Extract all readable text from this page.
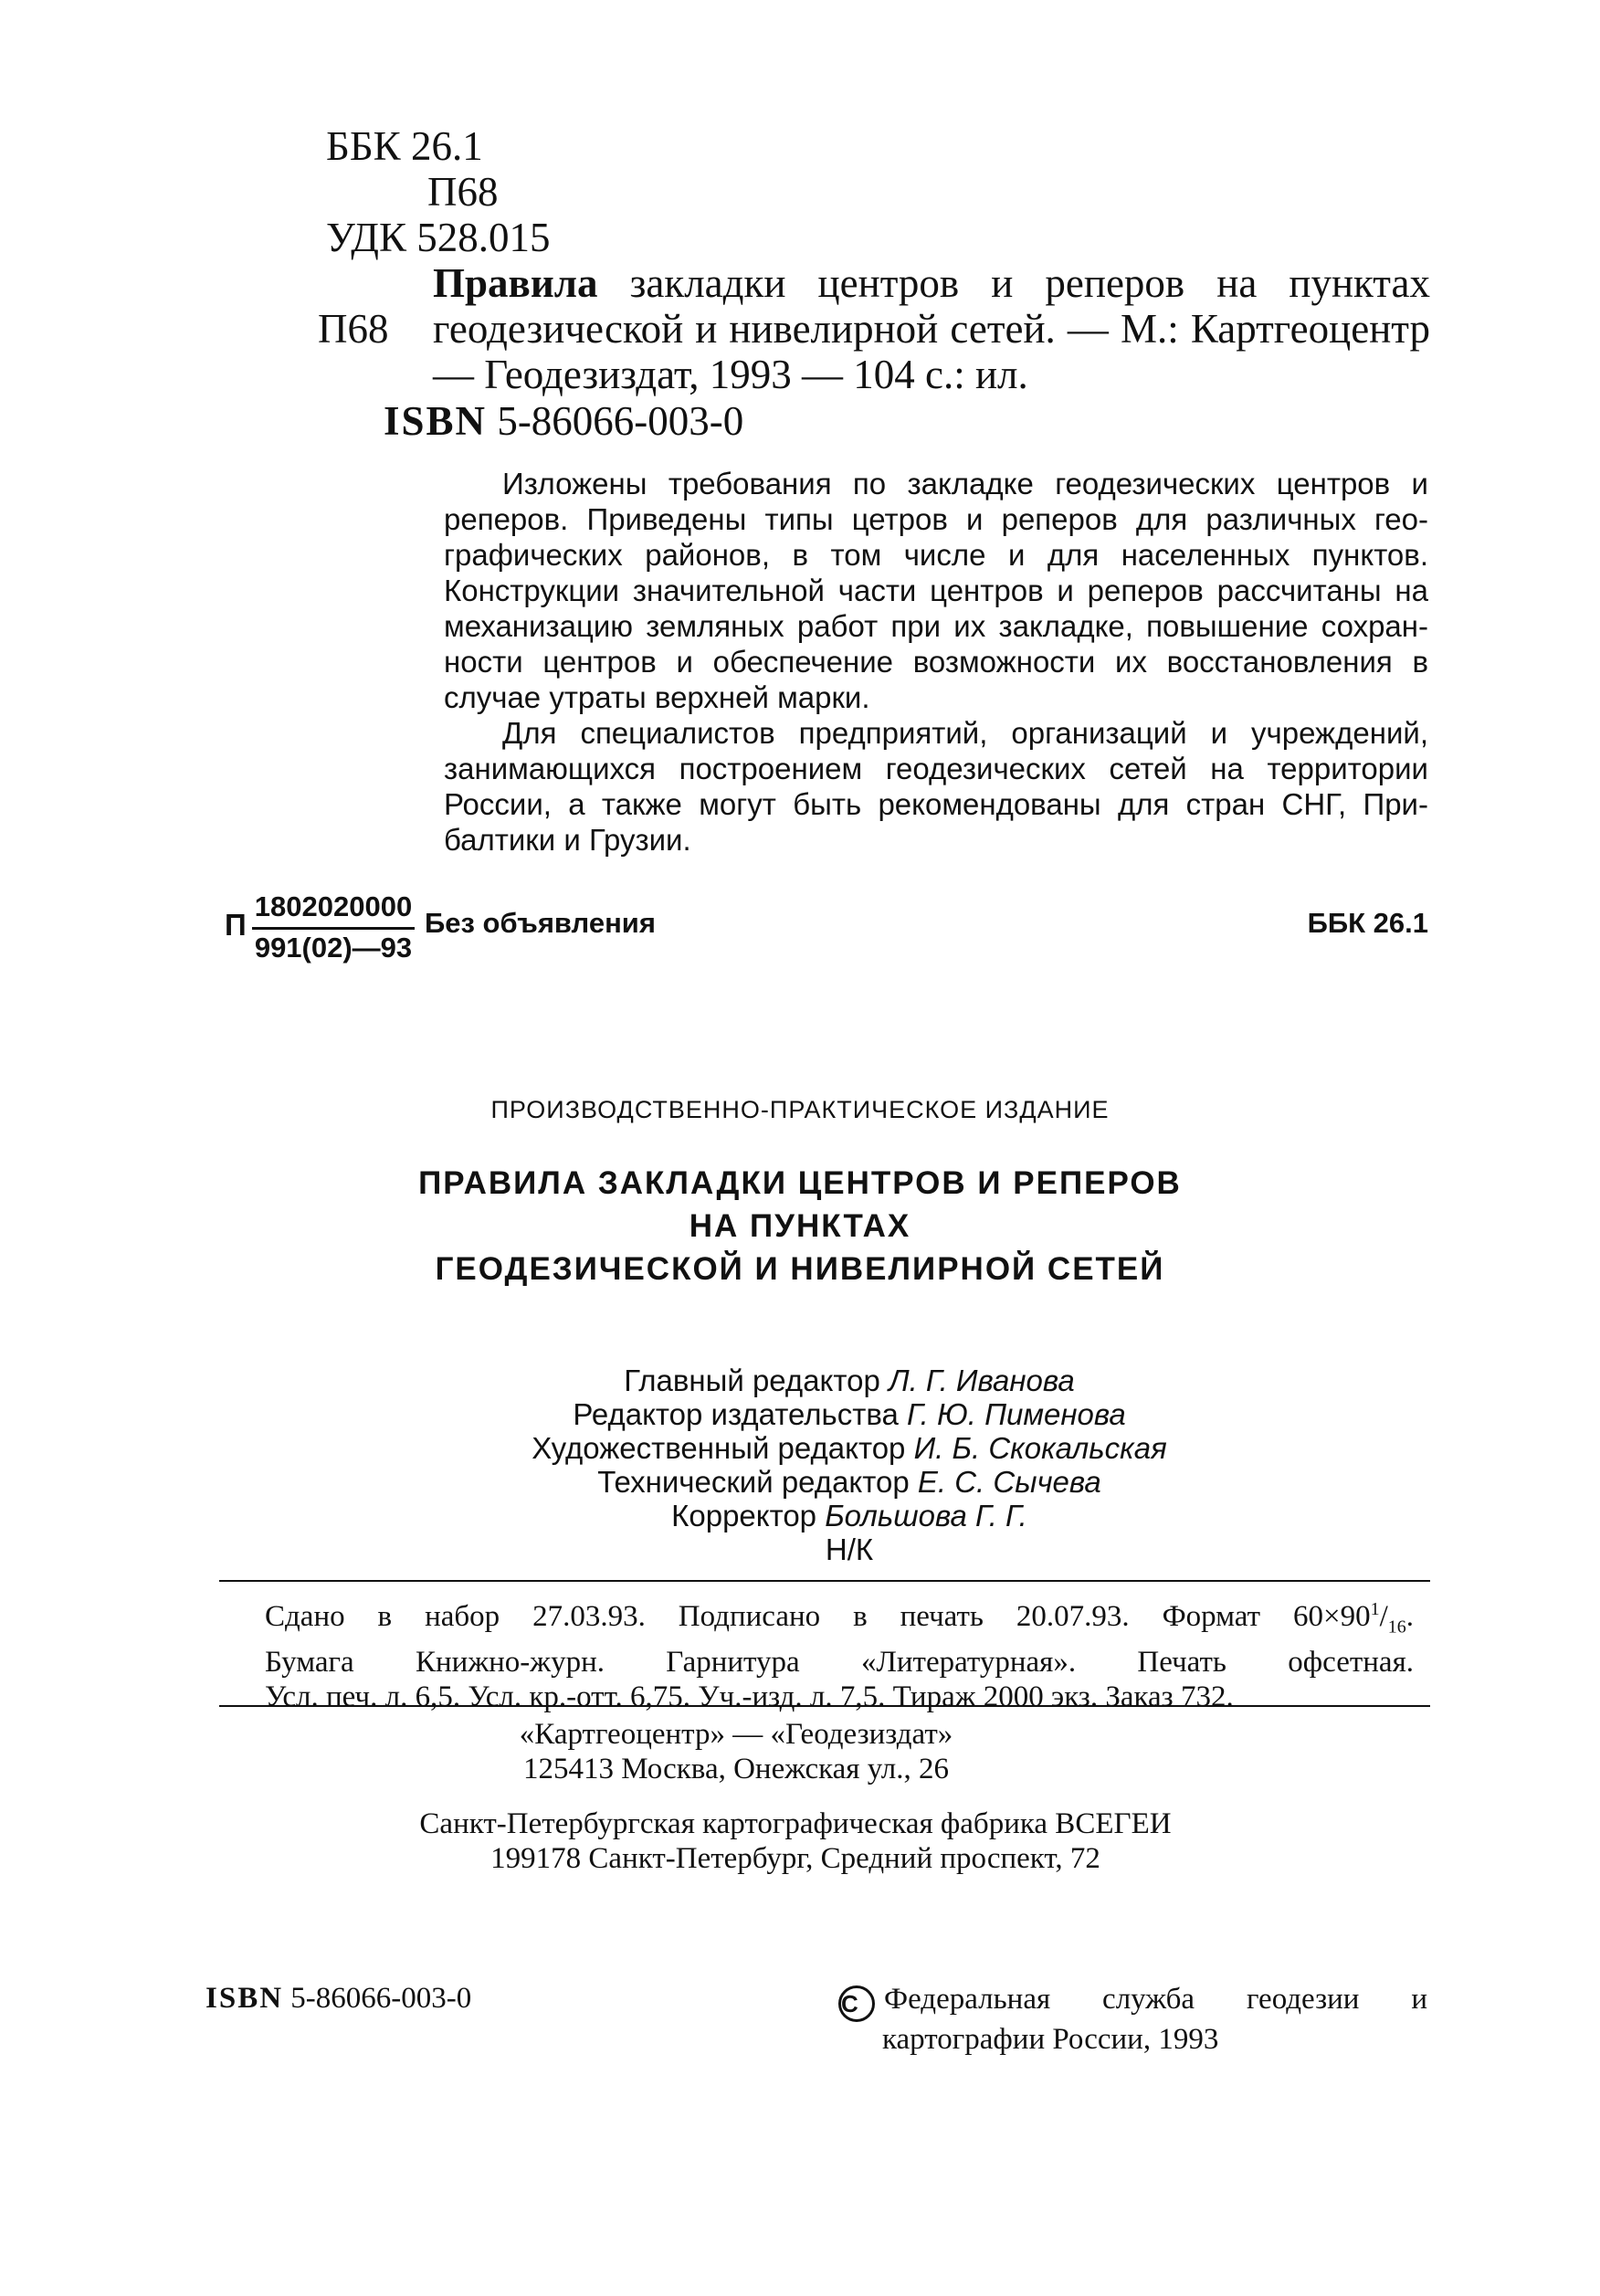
ББК 26.1
П68
УДК 528.015
П68
Правила закладки центров и реперов на пунктах геодезической и нивелирной сетей. — М.: Картгеоцентр — Геодезиздат, 1993 — 104 с.: ил.
ISBN 5-86066-003-0

Изложены требования по закладке геодезических центров и реперов. Приведены типы цетров и реперов для различных географических районов, в том числе и для населенных пунктов. Конструкции значительной части центров и реперов рассчитаны на механизацию земляных работ при их закладке, повышение сохранности центров и обеспечение возможности их восстановления в случае утраты верхней марки.

Для специалистов предприятий, организаций и учреждений, занимающихся построением геодезических сетей на территории России, а также могут быть рекомендованы для стран СНГ, Прибалтики и Грузии.

П $\frac{1802020000}{991(02)—93}$ Без объявления	ББК 26.1
ПРОИЗВОДСТВЕННО-ПРАКТИЧЕСКОЕ ИЗДАНИЕ
ПРАВИЛА ЗАКЛАДКИ ЦЕНТРОВ И РЕПЕРОВ
НА ПУНКТАХ
ГЕОДЕЗИЧЕСКОЙ И НИВЕЛИРНОЙ СЕТЕЙ
Главный редактор Л. Г. Иванова
Редактор издательства Г. Ю. Пименова
Художественный редактор И. Б. Скокальская
Технический редактор Е. С. Сычева
Корректор Большова Г. Г.
Н/К
Сдано в набор 27.03.93. Подписано в печать 20.07.93. Формат $60\times 90^1/_{16}$.
Бумага Книжно-журн. Гарнитура «Литературная». Печать офсетная.
Усл. печ. л. 6,5. Усл. кр.-отт. 6,75. Уч.-изд. л. 7,5. Тираж 2000 экз. Заказ 732.
«Картгеоцентр» — «Геодезиздат»
125413 Москва, Онежская ул., 26
Санкт-Петербургская картографическая фабрика ВСЕГЕИ
199178 Санкт-Петербург, Средний проспект, 72
ISBN 5-86066-003-0	C Федеральная служба геодезии и
картографии России, 1993
